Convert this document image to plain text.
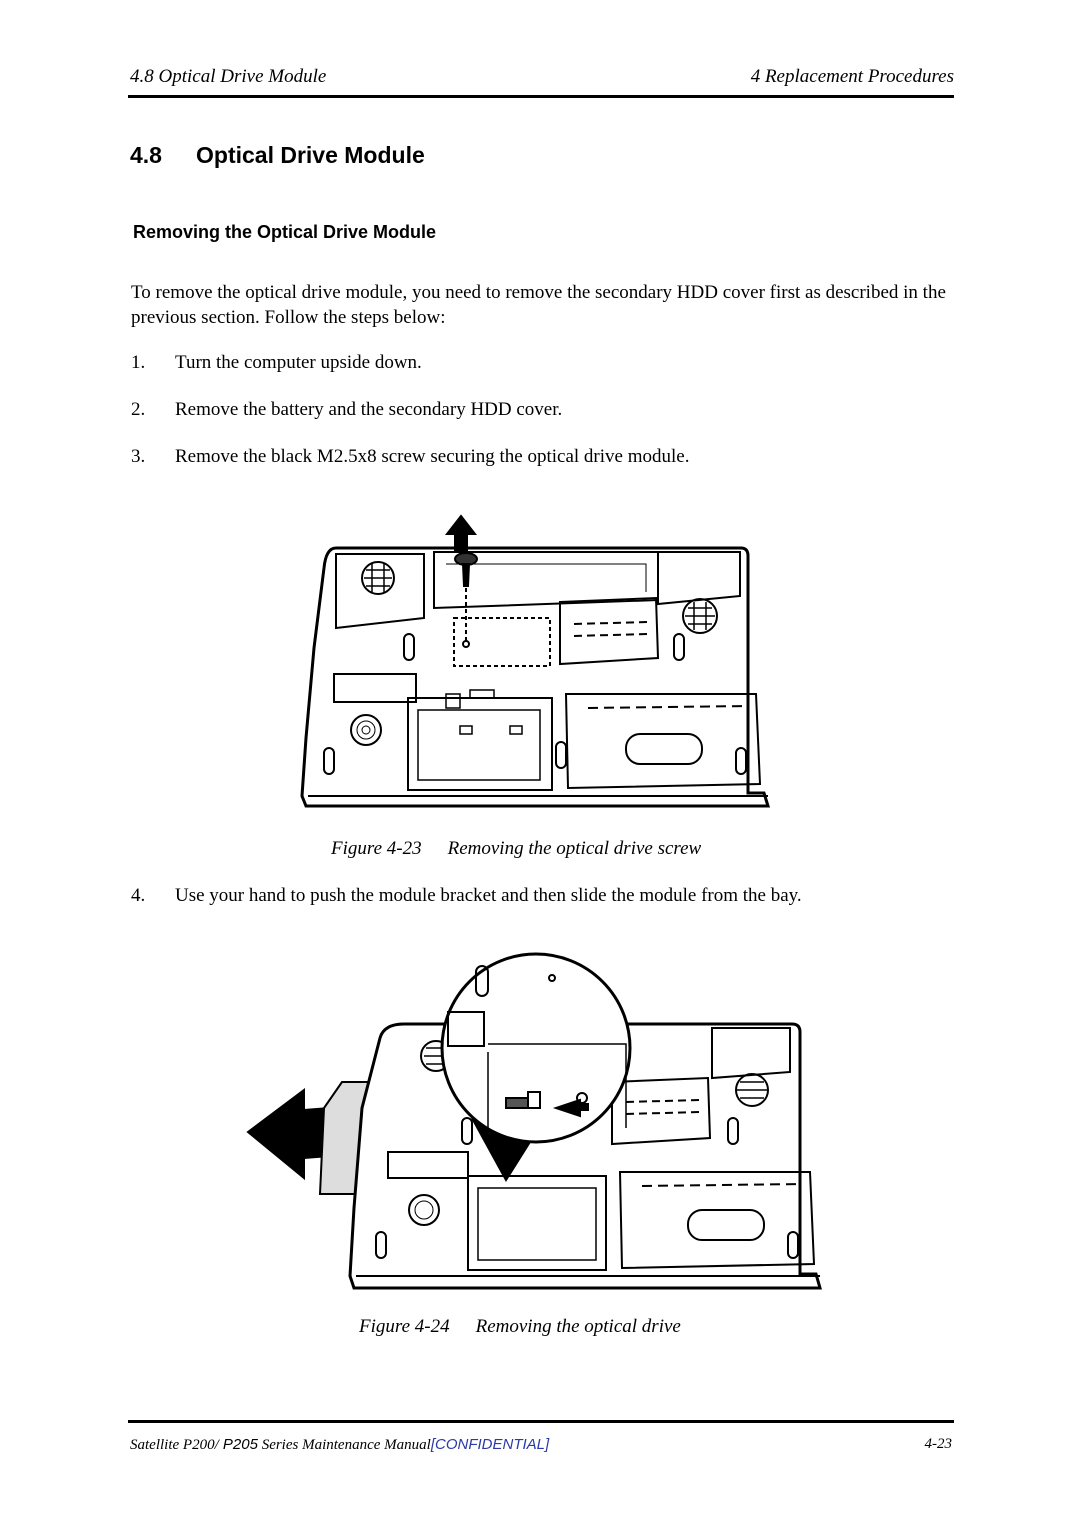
4.8 Optical Drive Module	4 Replacement Procedures
4.8 Optical Drive Module
Removing the Optical Drive Module
To remove the optical drive module, you need to remove the secondary HDD cover first as described in the previous section. Follow the steps below:
1. Turn the computer upside down.
2. Remove the battery and the secondary HDD cover.
3. Remove the black M2.5x8 screw securing the optical drive module.
Figure 4-23 Removing the optical drive screw
4. Use your hand to push the module bracket and then slide the module from the bay.
Figure 4-24 Removing the optical drive
Satellite P200/ P205 Series Maintenance Manual[CONFIDENTIAL]	4-23
